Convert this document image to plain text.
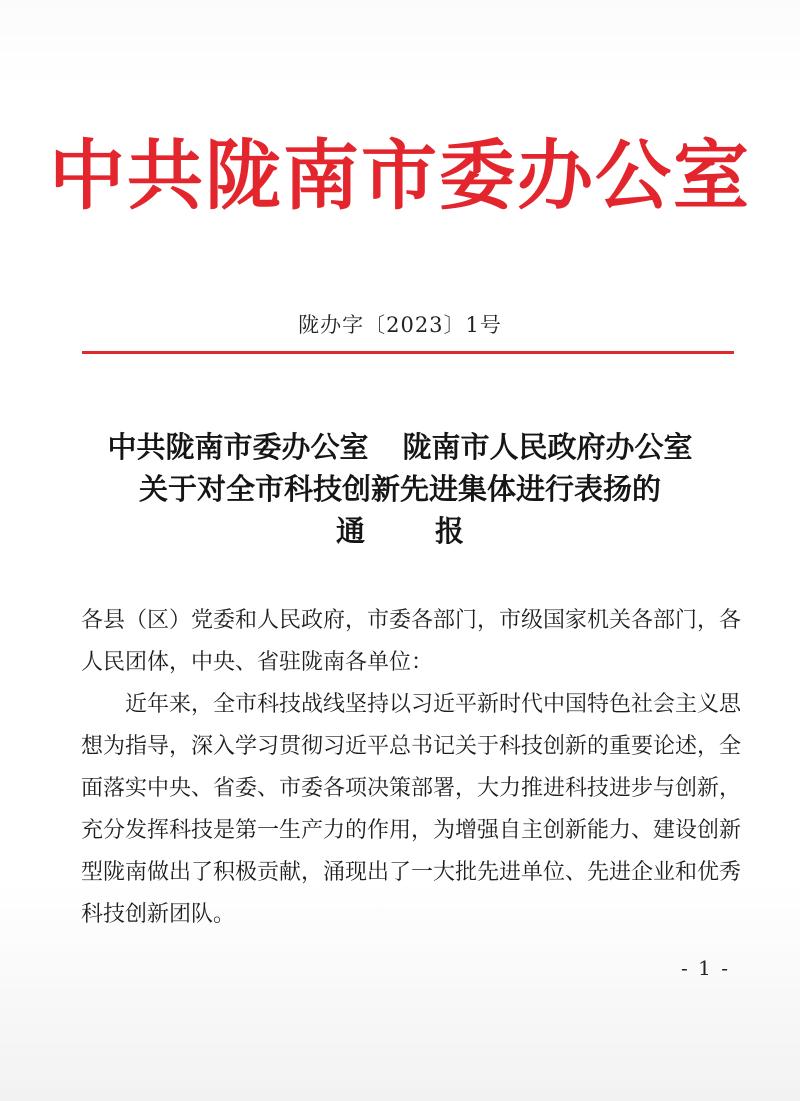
中共陇南市委办公室
陇办字〔2023〕1号
中共陇南市委办公室 陇南市人民政府办公室
关于对全市科技创新先进集体进行表扬的
通 报

各县（区）党委和人民政府，市委各部门，市级国家机关各部门，各人民团体，中央、省驻陇南各单位：

近年来，全市科技战线坚持以习近平新时代中国特色社会主义思想为指导，深入学习贯彻习近平总书记关于科技创新的重要论述，全面落实中央、省委、市委各项决策部署，大力推进科技进步与创新，充分发挥科技是第一生产力的作用，为增强自主创新能力、建设创新型陇南做出了积极贡献，涌现出了一大批先进单位、先进企业和优秀科技创新团队。

- 1 -
